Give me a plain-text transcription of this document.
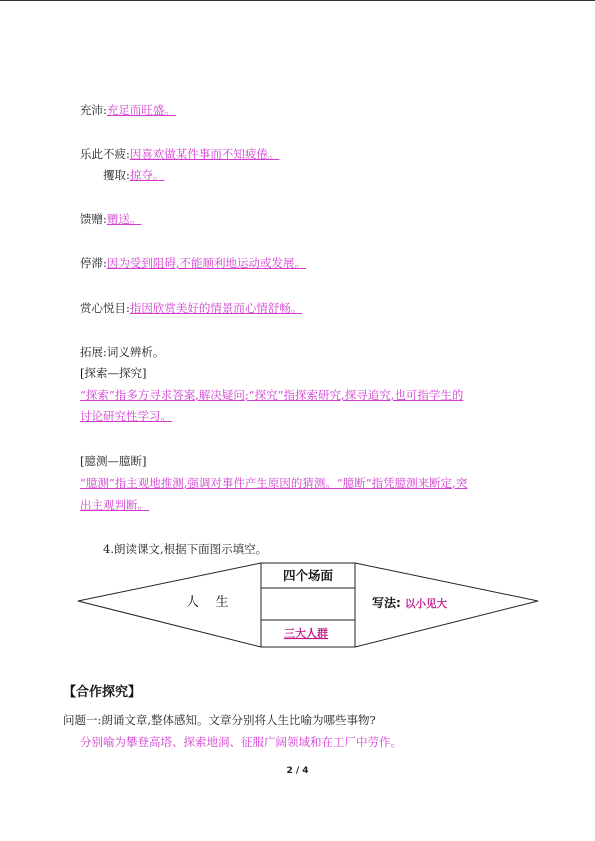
充沛:充足而旺盛。
乐此不疲:因喜欢做某件事而不知疲倦。
攫取:掠夺。
馈赠:赠送。
停滞:因为受到阻碍,不能顺利地运动或发展。
赏心悦目:指因欣赏美好的情景而心情舒畅。
拓展:词义辨析。
[探索—探究]
“探索”指多方寻求答案,解决疑问;“探究”指探索研究,探寻追究,也可指学生的
讨论研究性学习。
[臆测—臆断]
“臆测”指主观地推测,强调对事件产生原因的猜测。“臆断”指凭臆测来断定,突
出主观判断。
4.朗读课文,根据下面图示填空。
人    生
四个场面
三大人群
写法: 以小见大
【合作探究】
问题一:朗诵文章,整体感知。文章分别将人生比喻为哪些事物?
分别喻为攀登高塔、探索地洞、征服广阔领域和在工厂中劳作。
2 / 4
